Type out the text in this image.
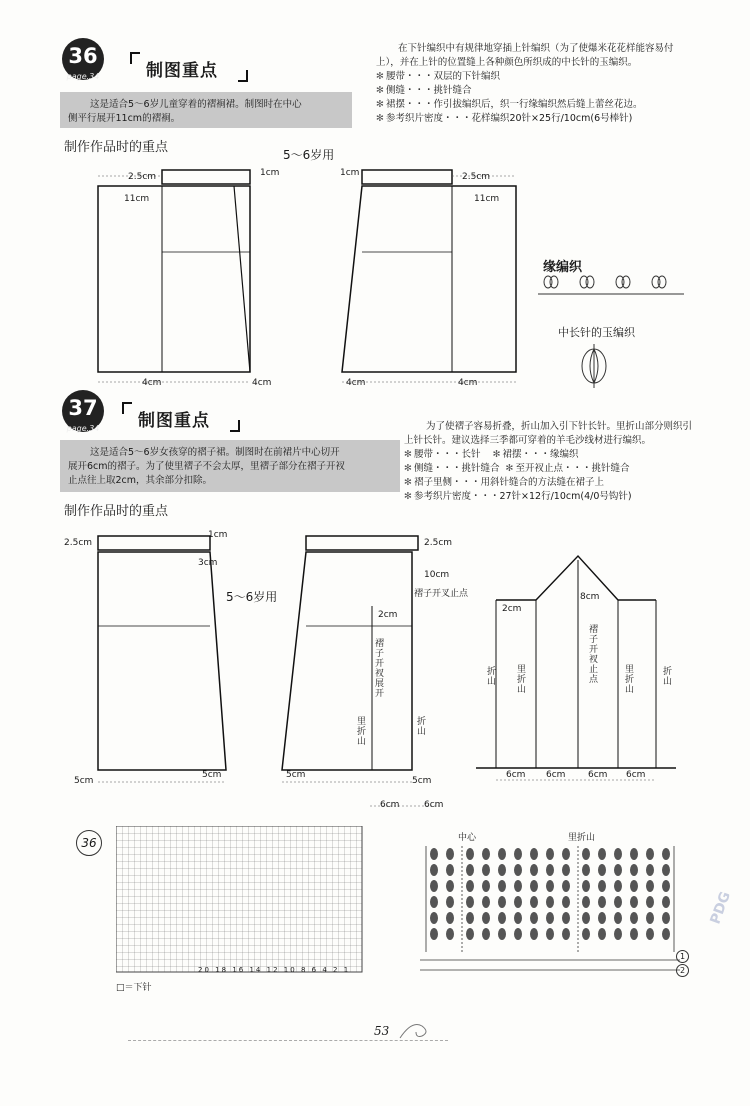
36
page.34	制图重点
这是适合5～6岁儿童穿着的褶裥裙。制图时在中心
侧平行展开11cm的褶裥。
在下针编织中有规律地穿插上针编织（为了使爆米花花样能容易付
上），并在上针的位置缝上各种颜色所织成的中长针的玉编织。
✻ 腰带・・・双层的下针编织
✻ 侧缝・・・挑针缝合
✻ 裙摆・・・作引拔编织后，织一行缘编织然后缝上蕾丝花边。
✻ 参考织片密度・・・花样编织20针×25行/10cm(6号棒针)
制作作品时的重点	5～6岁用
2.5cm	1cm
11cm
1cm	2.5cm
11cm
4cm	4cm	4cm	4cm
缘编织
中长针的玉编织
37
page.34 制图重点
这是适合5～6岁女孩穿的褶子裙。制图时在前裙片中心切开
展开6cm的褶子。为了使里褶子不会太厚，里褶子部分在褶子开衩
止点往上取2cm，其余部分扣除。
为了使褶子容易折叠，折山加入引下针长针。里折山部分则织引
上针长针。建议选择三季都可穿着的羊毛沙线材进行编织。
✻ 腰带・・・长针 ✻ 裙摆・・・缘编织
✻ 侧缝・・・挑针缝合 ✻ 至开衩止点・・・挑针缝合
✻ 褶子里侧・・・用斜针缝合的方法缝在裙子上
✻ 参考织片密度・・・27针×12行/10cm(4/0号钩针)
制作作品时的重点
5～6岁用
2.5cm
1cm
3cm
2.5cm
10cm
褶子开叉止点
2cm
褶子开衩展开
里折山	折山
5cm
5cm	5cm
5cm
6cm	6cm
2cm
8cm
褶子开衩止点
折山 里折山	里折山	折山
6cm 6cm	6cm 6cm
36
20 18 16 14 12 10 8 6 4 2 1
□＝下针
中心	里折山
1
2
PDG
53
